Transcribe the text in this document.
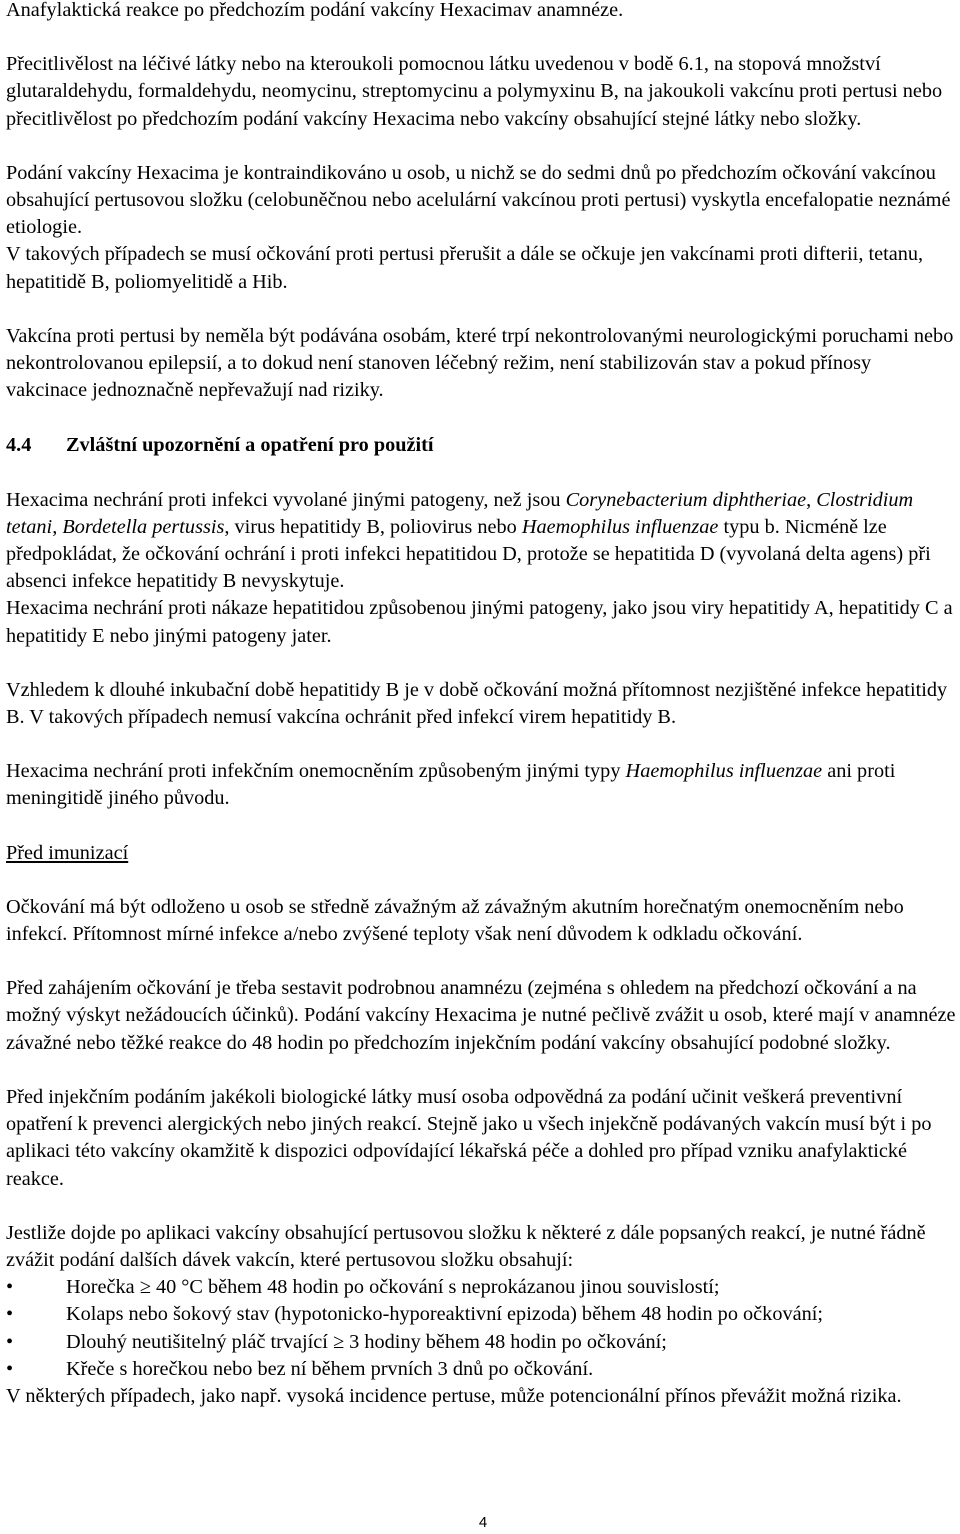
Anafylaktická reakce po předchozím podání vakcíny Hexacimav anamnéze.

Přecitlivělost na léčivé látky nebo na kteroukoli pomocnou látku uvedenou v bodě 6.1, na stopová množství glutaraldehydu, formaldehydu, neomycinu, streptomycinu a polymyxinu B, na jakoukoli vakcínu proti pertusi nebo přecitlivělost po předchozím podání vakcíny Hexacima nebo vakcíny obsahující stejné látky nebo složky.

Podání vakcíny Hexacima je kontraindikováno u osob, u nichž se do sedmi dnů po předchozím očkování vakcínou obsahující pertusovou složku (celobuněčnou nebo acelulární vakcínou proti pertusi) vyskytla encefalopatie neznámé etiologie.

V takových případech se musí očkování proti pertusi přerušit a dále se očkuje jen vakcínami proti difterii, tetanu, hepatitidě B, poliomyelitidě a Hib.

Vakcína proti pertusi by neměla být podávána osobám, které trpí nekontrolovanými neurologickými poruchami nebo nekontrolovanou epilepsií, a to dokud není stanoven léčebný režim, není stabilizován stav a pokud přínosy vakcinace jednoznačně nepřevažují nad riziky.

4.4 Zvláštní upozornění a opatření pro použití

Hexacima nechrání proti infekci vyvolané jinými patogeny, než jsou Corynebacterium diphtheriae, Clostridium tetani, Bordetella pertussis, virus hepatitidy B, poliovirus nebo Haemophilus influenzae typu b. Nicméně lze předpokládat, že očkování ochrání i proti infekci hepatitidou D, protože se hepatitida D (vyvolaná delta agens) při absenci infekce hepatitidy B nevyskytuje.

Hexacima nechrání proti nákaze hepatitidou způsobenou jinými patogeny, jako jsou viry hepatitidy A, hepatitidy C a hepatitidy E nebo jinými patogeny jater.

Vzhledem k dlouhé inkubační době hepatitidy B je v době očkování možná přítomnost nezjištěné infekce hepatitidy B. V takových případech nemusí vakcína ochránit před infekcí virem hepatitidy B.

Hexacima nechrání proti infekčním onemocněním způsobeným jinými typy Haemophilus influenzae ani proti meningitidě jiného původu.

Před imunizací

Očkování má být odloženo u osob se středně závažným až závažným akutním horečnatým onemocněním nebo infekcí. Přítomnost mírné infekce a/nebo zvýšené teploty však není důvodem k odkladu očkování.

Před zahájením očkování je třeba sestavit podrobnou anamnézu (zejména s ohledem na předchozí očkování a na možný výskyt nežádoucích účinků). Podání vakcíny Hexacima je nutné pečlivě zvážit u osob, které mají v anamnéze závažné nebo těžké reakce do 48 hodin po předchozím injekčním podání vakcíny obsahující podobné složky.

Před injekčním podáním jakékoli biologické látky musí osoba odpovědná za podání učinit veškerá preventivní opatření k prevenci alergických nebo jiných reakcí. Stejně jako u všech injekčně podávaných vakcín musí být i po aplikaci této vakcíny okamžitě k dispozici odpovídající lékařská péče a dohled pro případ vzniku anafylaktické reakce.

Jestliže dojde po aplikaci vakcíny obsahující pertusovou složku k některé z dále popsaných reakcí, je nutné řádně zvážit podání dalších dávek vakcín, které pertusovou složku obsahují:

• Horečka ≥ 40 °C během 48 hodin po očkování s neprokázanou jinou souvislostí;
• Kolaps nebo šokový stav (hypotonicko-hyporeaktivní epizoda) během 48 hodin po očkování;
• Dlouhý neutišitelný pláč trvající ≥ 3 hodiny během 48 hodin po očkování;
• Křeče s horečkou nebo bez ní během prvních 3 dnů po očkování.

V některých případech, jako např. vysoká incidence pertuse, může potencionální přínos převážit možná rizika.

4
